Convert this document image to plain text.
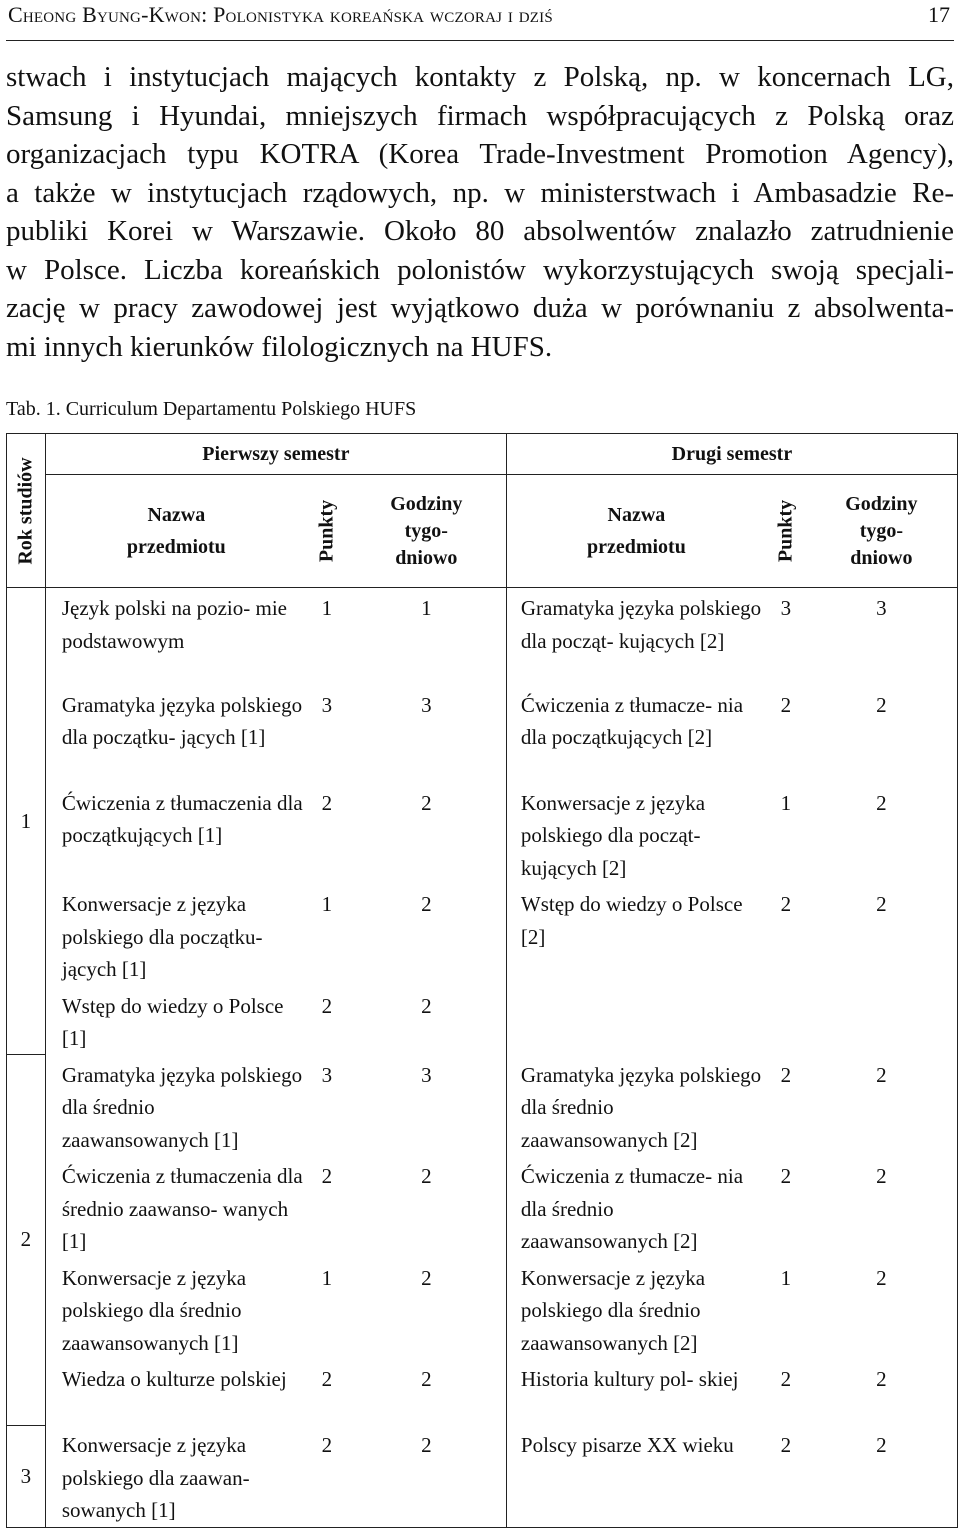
Cheong Byung-Kwon: Polonistyka koreańska wczoraj i dziś	17
stwach i instytucjach mających kontakty z Polską, np. w koncernach LG,
Samsung i Hyundai, mniejszych firmach współpracujących z Polską oraz
organizacjach typu KOTRA (Korea Trade-Investment Promotion Agency),
a także w instytucjach rządowych, np. w ministerstwach i Ambasadzie Re-
publiki Korei w Warszawie. Około 80 absolwentów znalazło zatrudnienie
w Polsce. Liczba koreańskich polonistów wykorzystujących swoją specjali-
zację w pracy zawodowej jest wyjątkowo duża w porównaniu z absolwenta-
mi innych kierunków filologicznych na HUFS.
Tab. 1. Curriculum Departamentu Polskiego HUFS
Rok studiów	Pierwszy semestr			Drugi semestr		

	Nazwa przedmiotu	Punkty	Godziny tygo- dniowo	Nazwa przedmiotu	Punkty	Godziny tygo- dniowo

1	Język polski na pozio- mie podstawowym	1	1	Gramatyka języka polskiego dla począt- kujących [2]	3	3
	Gramatyka języka polskiego dla początku- jących [1]	3	3	Ćwiczenia z tłumacze- nia dla początkujących [2]	2	2
	Ćwiczenia z tłumaczenia dla początkujących [1]	2	2	Konwersacje z języka polskiego dla począt- kujących [2]	1	2
	Konwersacje z języka polskiego dla początku- jących [1]	1	2	Wstęp do wiedzy o Polsce [2]	2	2
	Wstęp do wiedzy o Polsce [1]	2	2			
2	Gramatyka języka polskiego dla średnio zaawansowanych [1]	3	3	Gramatyka języka polskiego dla średnio zaawansowanych [2]	2	2
	Ćwiczenia z tłumaczenia dla średnio zaawanso- wanych [1]	2	2	Ćwiczenia z tłumacze- nia dla średnio zaawansowanych [2]	2	2
	Konwersacje z języka polskiego dla średnio zaawansowanych [1]	1	2	Konwersacje z języka polskiego dla średnio zaawansowanych [2]	1	2
	Wiedza o kulturze polskiej	2	2	Historia kultury pol- skiej	2	2
3	Konwersacje z języka polskiego dla zaawan- sowanych [1]	2	2	Polscy pisarze XX wieku	2	2
